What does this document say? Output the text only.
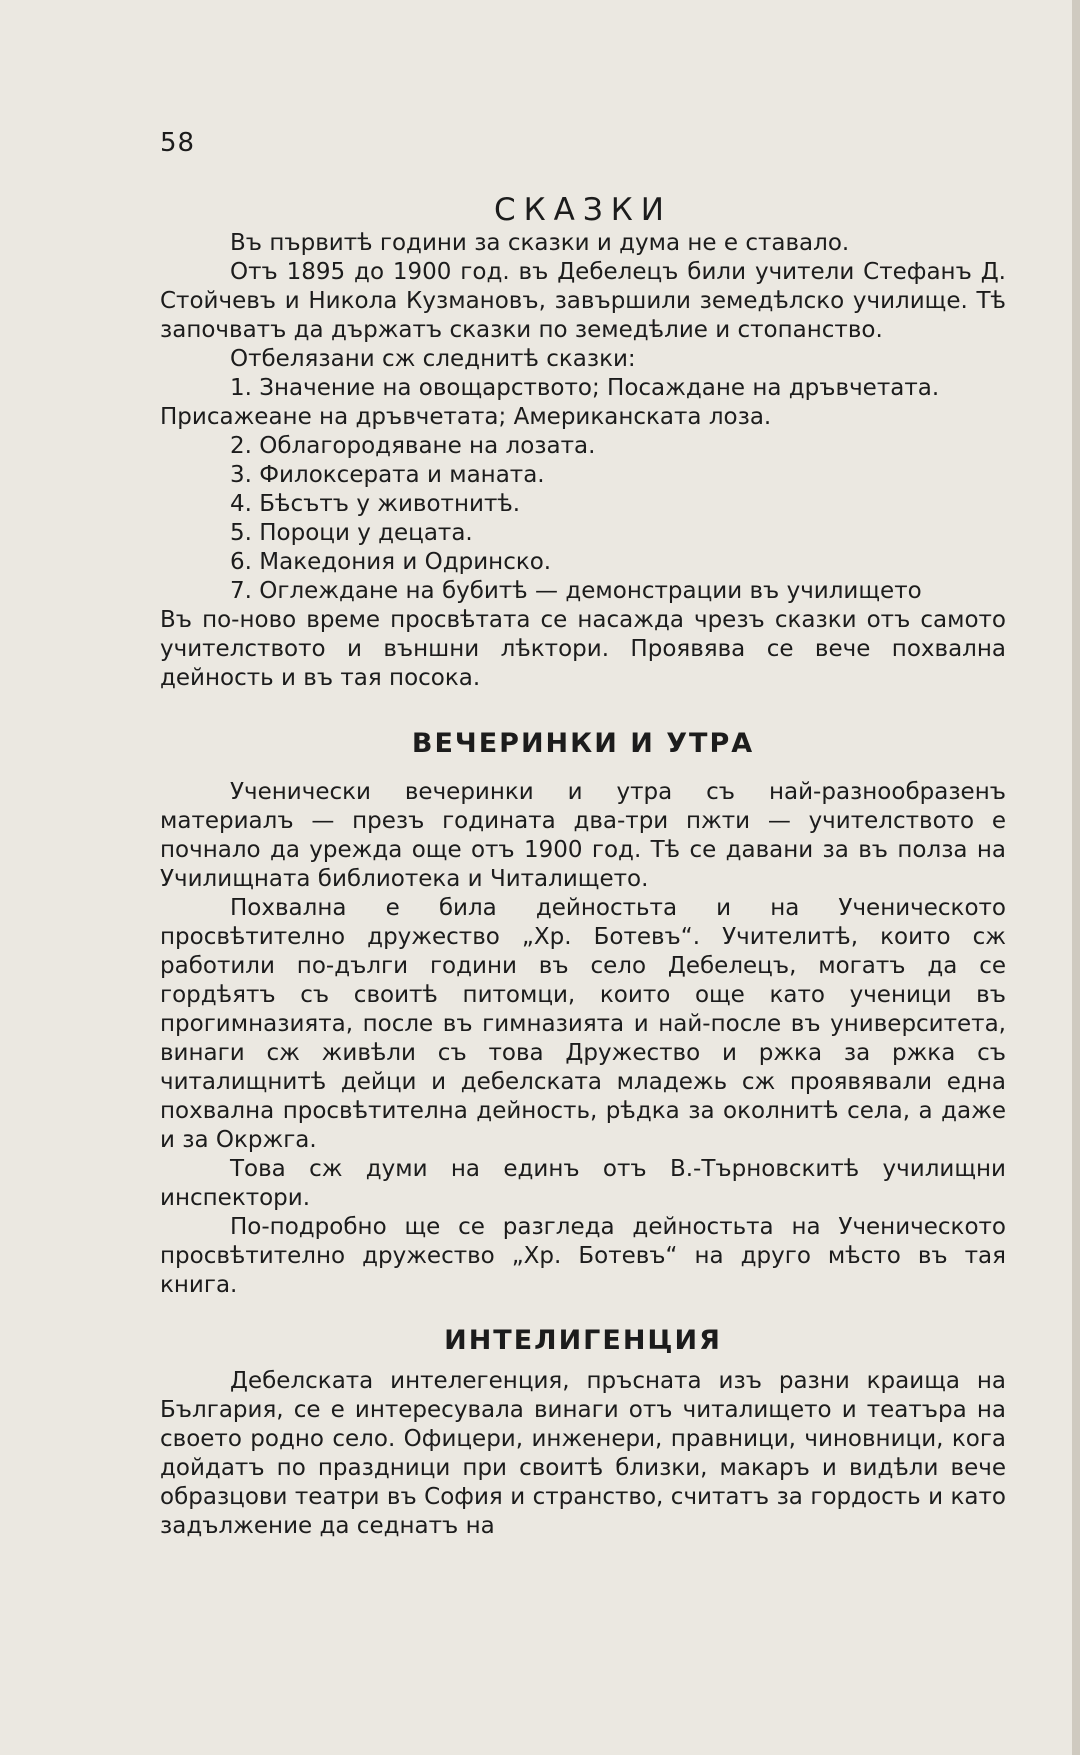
58
СКАЗКИ

Въ първитѣ години за сказки и дума не е ставало.

Отъ 1895 до 1900 год. въ Дебелецъ били учители Стефанъ Д. Стойчевъ и Никола Кузмановъ, завършили земедѣлско училище. Тѣ започватъ да държатъ сказки по земедѣлие и стопанство.

Отбелязани сж следнитѣ сказки:

1. Значение на овощарството; Посаждане на дръвчетата. Присажеане на дръвчетата; Американската лоза.
2. Облагородяване на лозата.
3. Филоксерата и маната.
4. Бѣсътъ у животнитѣ.
5. Пороци у децата.
6. Македония и Одринско.
7. Оглеждане на бубитѣ — демонстрации въ училището

Въ по-ново време просвѣтата се насажда чрезъ сказки отъ самото учителството и външни лѣктори. Проявява се вече похвална дейность и въ тая посока.

ВЕЧЕРИНКИ И УТРА

Ученически вечеринки и утра съ най-разнообразенъ материалъ — презъ годината два-три пжти — учителството е почнало да урежда още отъ 1900 год. Тѣ се давани за въ полза на Училищната библиотека и Читалището.

Похвална е била дейностьта и на Ученическото просвѣтително дружество „Хр. Ботевъ“. Учителитѣ, които сж работили по-дълги години въ село Дебелецъ, могатъ да се гордѣятъ съ своитѣ питомци, които още като ученици въ прогимназията, после въ гимназията и най-после въ университета, винаги сж живѣли съ това Дружество и ржка за ржка съ читалищнитѣ дейци и дебелската младежь сж проявявали една похвална просвѣтителна дейность, рѣдка за околнитѣ села, а даже и за Окржга.

Това сж думи на единъ отъ В.-Търновскитѣ училищни инспектори.

По-подробно ще се разгледа дейностьта на Ученическото просвѣтително дружество „Хр. Ботевъ“ на друго мѣсто въ тая книга.

ИНТЕЛИГЕНЦИЯ

Дебелската интелегенция, пръсната изъ разни краища на България, се е интересувала винаги отъ читалището и театъра на своето родно село. Офицери, инженери, правници, чиновници, кога дойдатъ по праздници при своитѣ близки, макаръ и видѣли вече образцови театри въ София и странство, считатъ за гордость и като задължение да седнатъ на
